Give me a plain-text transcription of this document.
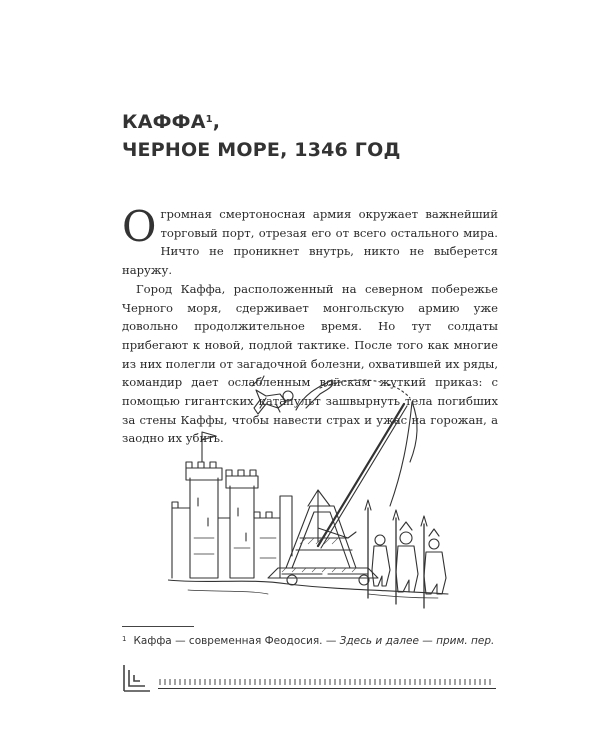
КАФФА$^1$,
ЧЕРНОЕ МОРЕ, 1346 ГОД

Огромная смертоносная армия окружает важнейший торговый порт, отрезая его от всего остального мира. Ничто не проникнет внутрь, никто не выберется наружу.

Город Каффа, расположенный на северном побережье Черного моря, сдерживает монгольскую армию уже довольно продолжительное время. Но тут солдаты прибегают к новой, подлой тактике. После того как многие из них полегли от загадочной болезни, охватившей их ряды, командир дает ослабленным войскам жуткий приказ: с помощью гигантских катапульт зашвырнуть тела погибших за стены Каффы, чтобы навести страх и ужас на горожан, а заодно их убить.

$^1$ Каффа — современная Феодосия. — Здесь и далее — прим. пер.
